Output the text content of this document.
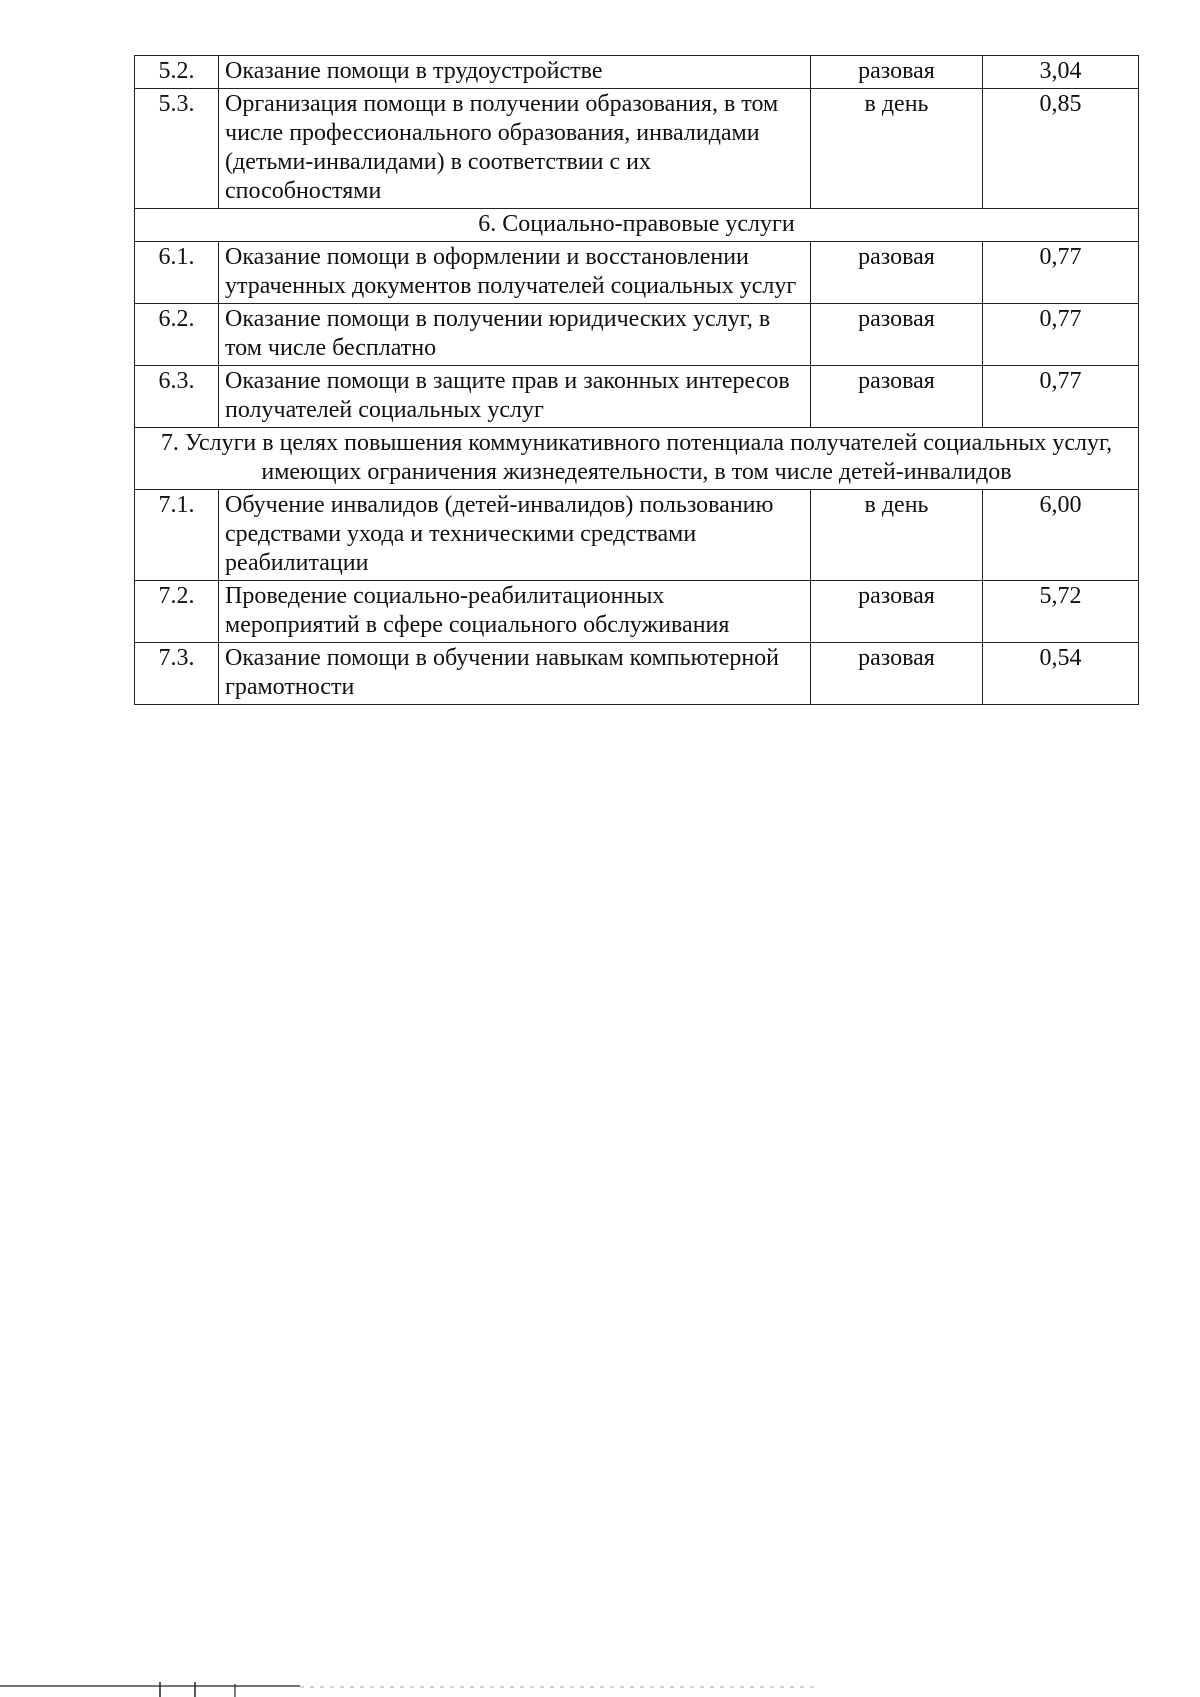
5.2.	Оказание помощи в трудоустройстве	разовая	3,04
5.3.	Организация помощи в получении образования, в том числе профессионального образования, инвалидами (детьми-инвалидами) в соответствии с их способностями	в день	0,85
6. Социально-правовые услуги			
6.1.	Оказание помощи в оформлении и восстановлении утраченных документов получателей социальных услуг	разовая	0,77
6.2.	Оказание помощи в получении юридических услуг, в том числе бесплатно	разовая	0,77
6.3.	Оказание помощи в защите прав и законных интересов получателей социальных услуг	разовая	0,77
7. Услуги в целях повышения коммуникативного потенциала получателей социальных услуг, имеющих ограничения жизнедеятельности, в том числе детей-инвалидов			
7.1.	Обучение инвалидов (детей-инвалидов) пользованию средствами ухода и техническими средствами реабилитации	в день	6,00
7.2.	Проведение социально-реабилитационных мероприятий в сфере социального обслуживания	разовая	5,72
7.3.	Оказание помощи в обучении навыкам компьютерной грамотности	разовая	0,54
